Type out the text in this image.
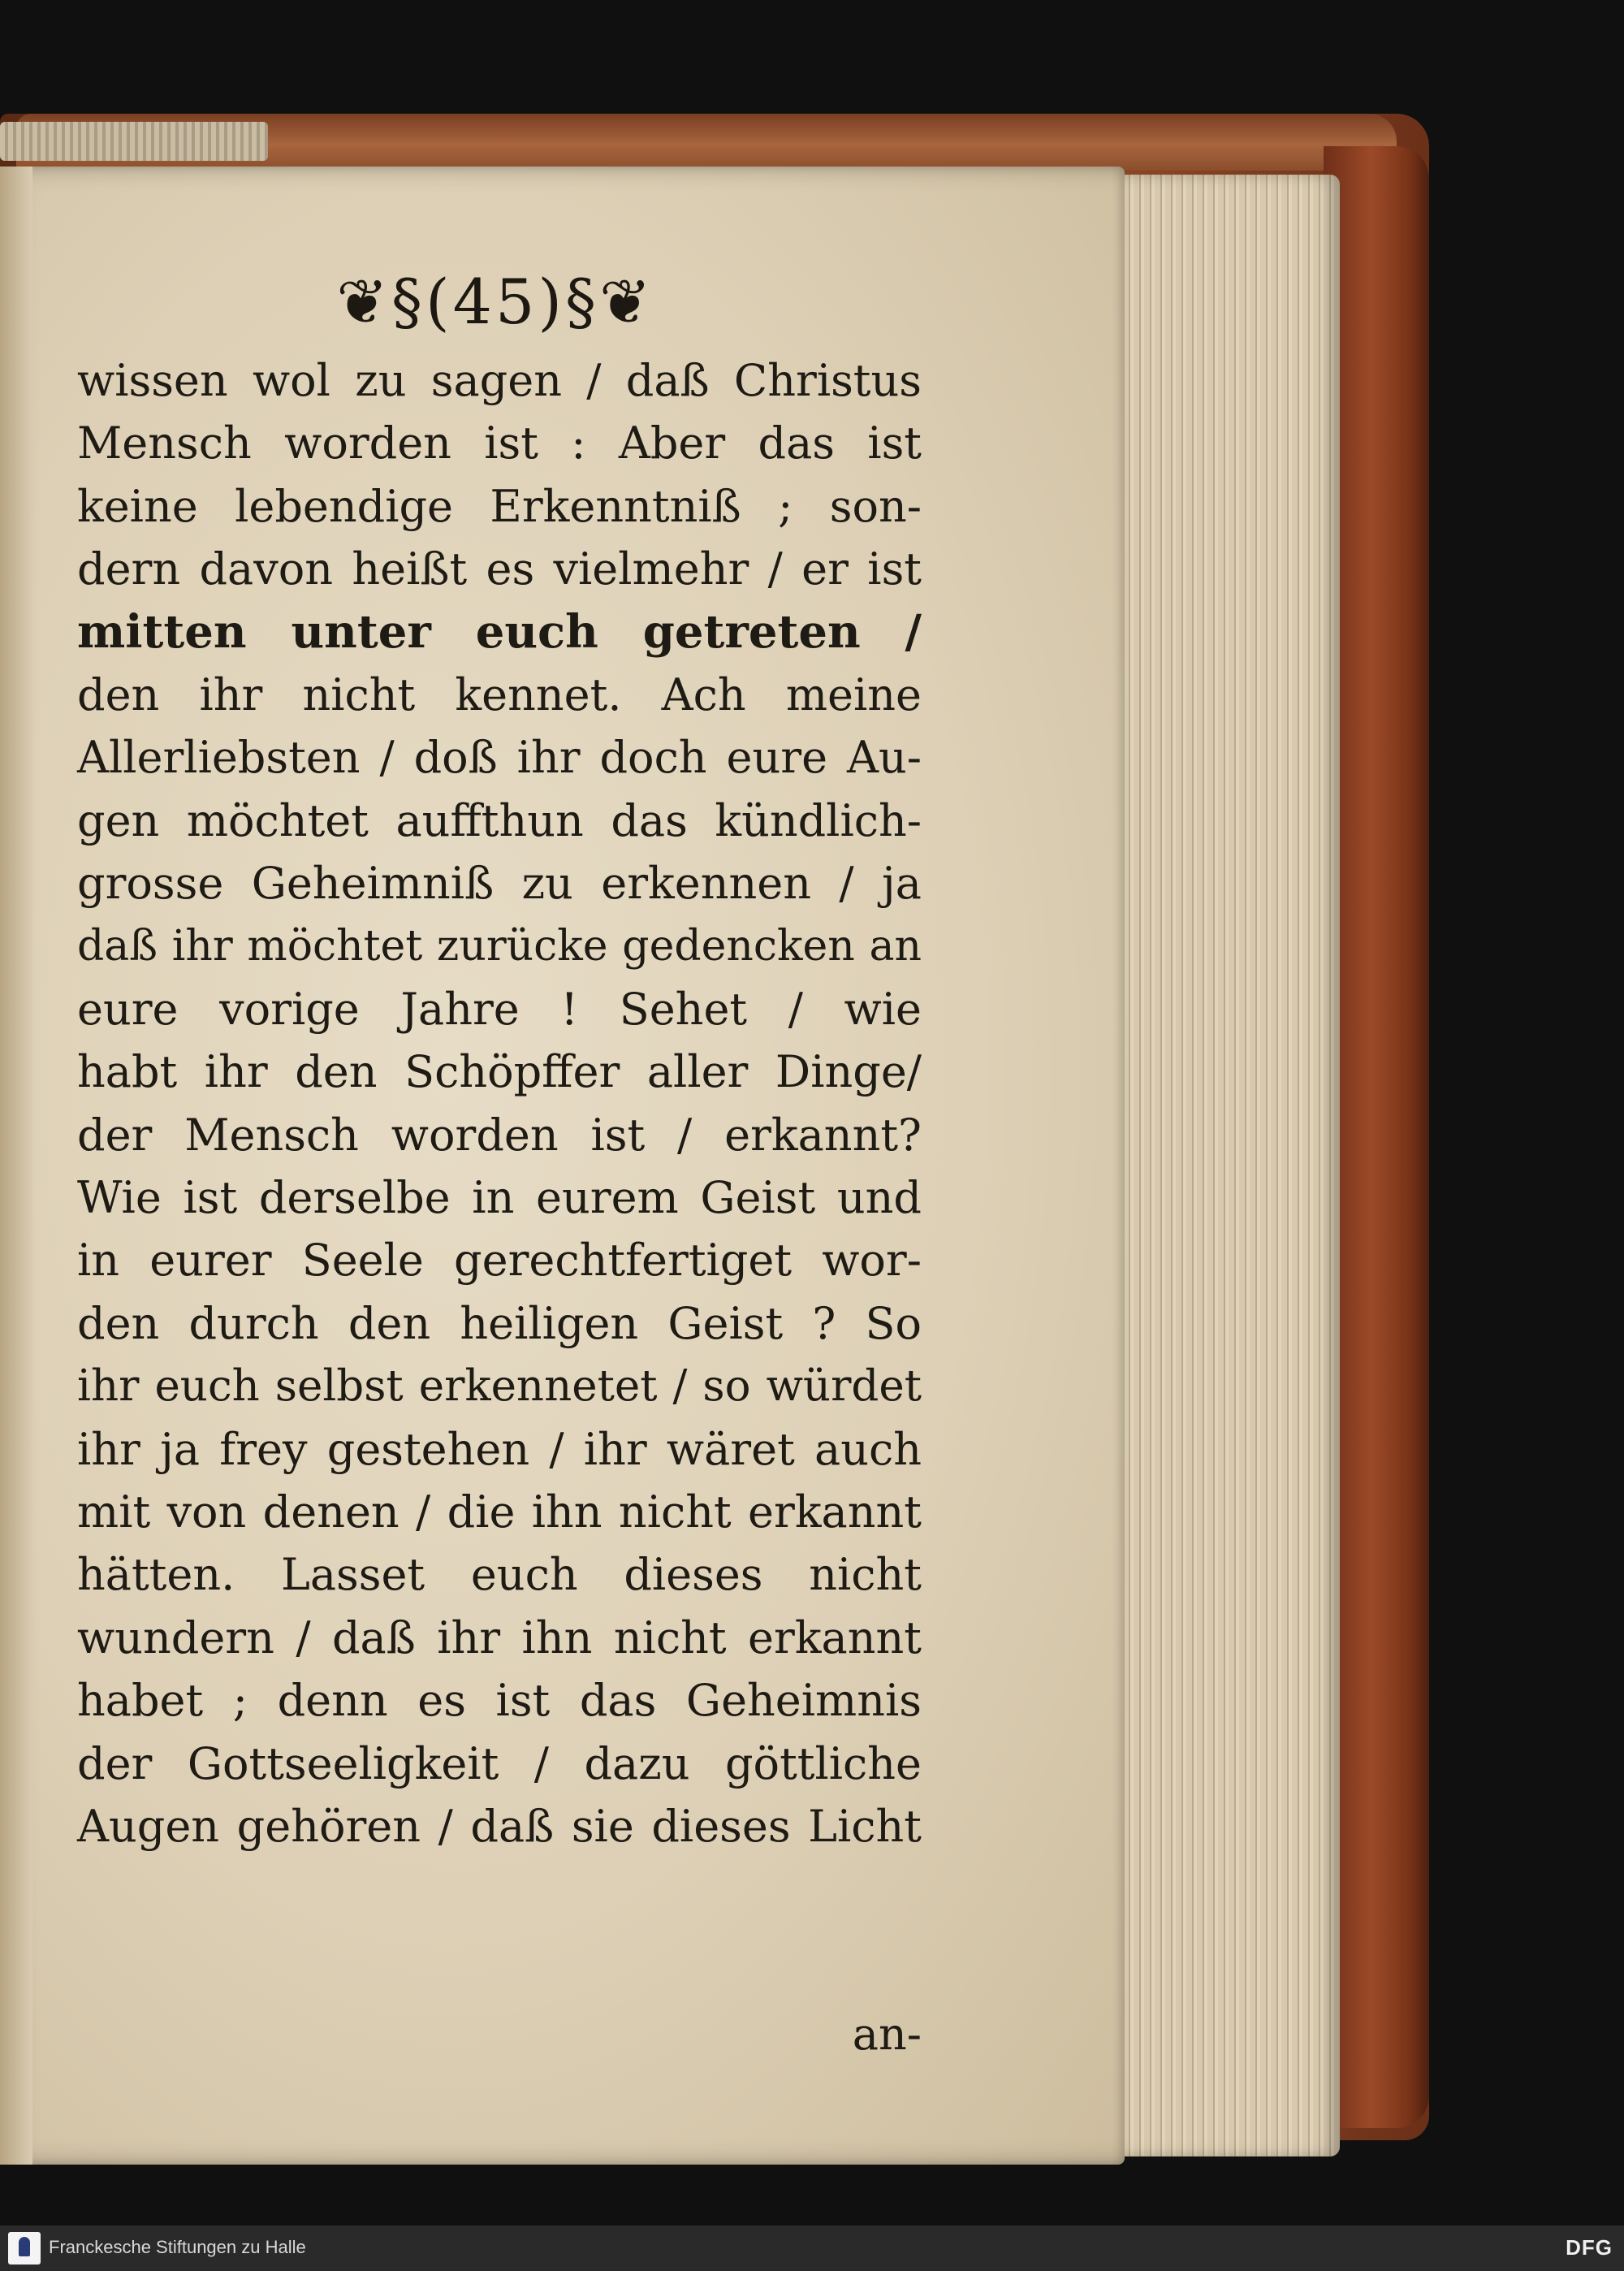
❦§(45)§❦
wissen wol zu sagen / daß Christus
Mensch worden ist : Aber das ist
keine lebendige Erkenntniß ; son-
dern davon heißt es vielmehr / er ist
mitten unter euch getreten /
den ihr nicht kennet. Ach meine
Allerliebsten / doß ihr doch eure Au-
gen möchtet auffthun das kündlich-
grosse Geheimniß zu erkennen / ja
daß ihr möchtet zurücke gedencken an
eure vorige Jahre ! Sehet / wie
habt ihr den Schöpffer aller Dinge/
der Mensch worden ist / erkannt?
Wie ist derselbe in eurem Geist und
in eurer Seele gerechtfertiget wor-
den durch den heiligen Geist ? So
ihr euch selbst erkennetet / so würdet
ihr ja frey gestehen / ihr wäret auch
mit von denen / die ihn nicht erkannt
hätten. Lasset euch dieses nicht
wundern / daß ihr ihn nicht erkannt
habet ; denn es ist das Geheimnis
der Gottseeligkeit / dazu göttliche
Augen gehören / daß sie dieses Licht
an-
Franckesche Stiftungen zu Halle	DFG
